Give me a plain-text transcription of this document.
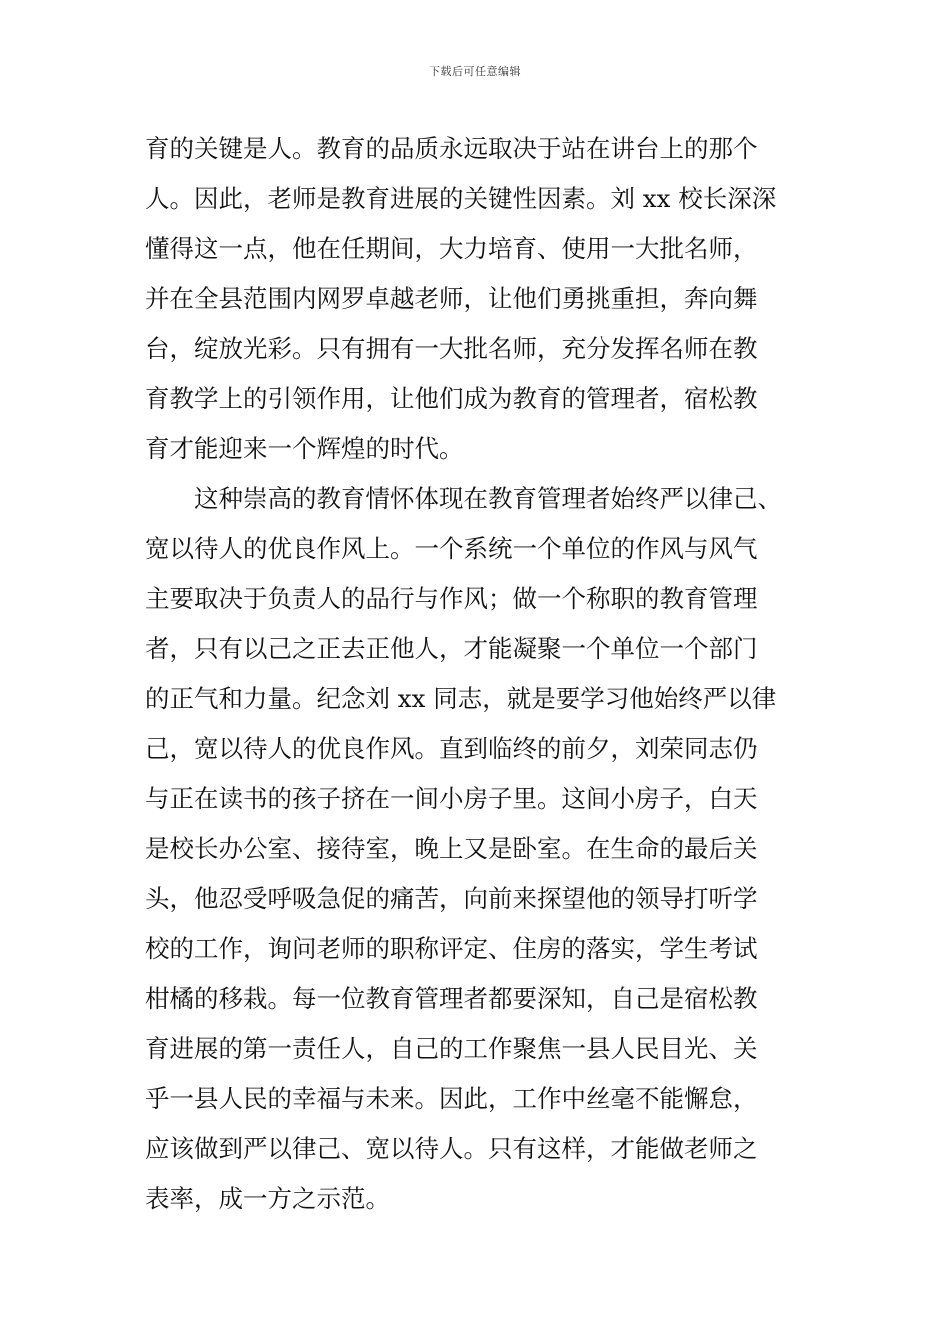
下载后可任意编辑
育的关键是人。教育的品质永远取决于站在讲台上的那个
人。因此，老师是教育进展的关键性因素。刘 xx 校长深深
懂得这一点，他在任期间，大力培育、使用一大批名师，
并在全县范围内网罗卓越老师，让他们勇挑重担，奔向舞
台，绽放光彩。只有拥有一大批名师，充分发挥名师在教
育教学上的引领作用，让他们成为教育的管理者，宿松教
育才能迎来一个辉煌的时代。
　　这种崇高的教育情怀体现在教育管理者始终严以律己、
宽以待人的优良作风上。一个系统一个单位的作风与风气
主要取决于负责人的品行与作风；做一个称职的教育管理
者，只有以己之正去正他人，才能凝聚一个单位一个部门
的正气和力量。纪念刘 xx 同志，就是要学习他始终严以律
己，宽以待人的优良作风。直到临终的前夕，刘荣同志仍
与正在读书的孩子挤在一间小房子里。这间小房子，白天
是校长办公室、接待室，晚上又是卧室。在生命的最后关
头，他忍受呼吸急促的痛苦，向前来探望他的领导打听学
校的工作，询问老师的职称评定、住房的落实，学生考试
柑橘的移栽。每一位教育管理者都要深知，自己是宿松教
育进展的第一责任人，自己的工作聚焦一县人民目光、关
乎一县人民的幸福与未来。因此，工作中丝毫不能懈怠，
应该做到严以律己、宽以待人。只有这样，才能做老师之
表率，成一方之示范。
